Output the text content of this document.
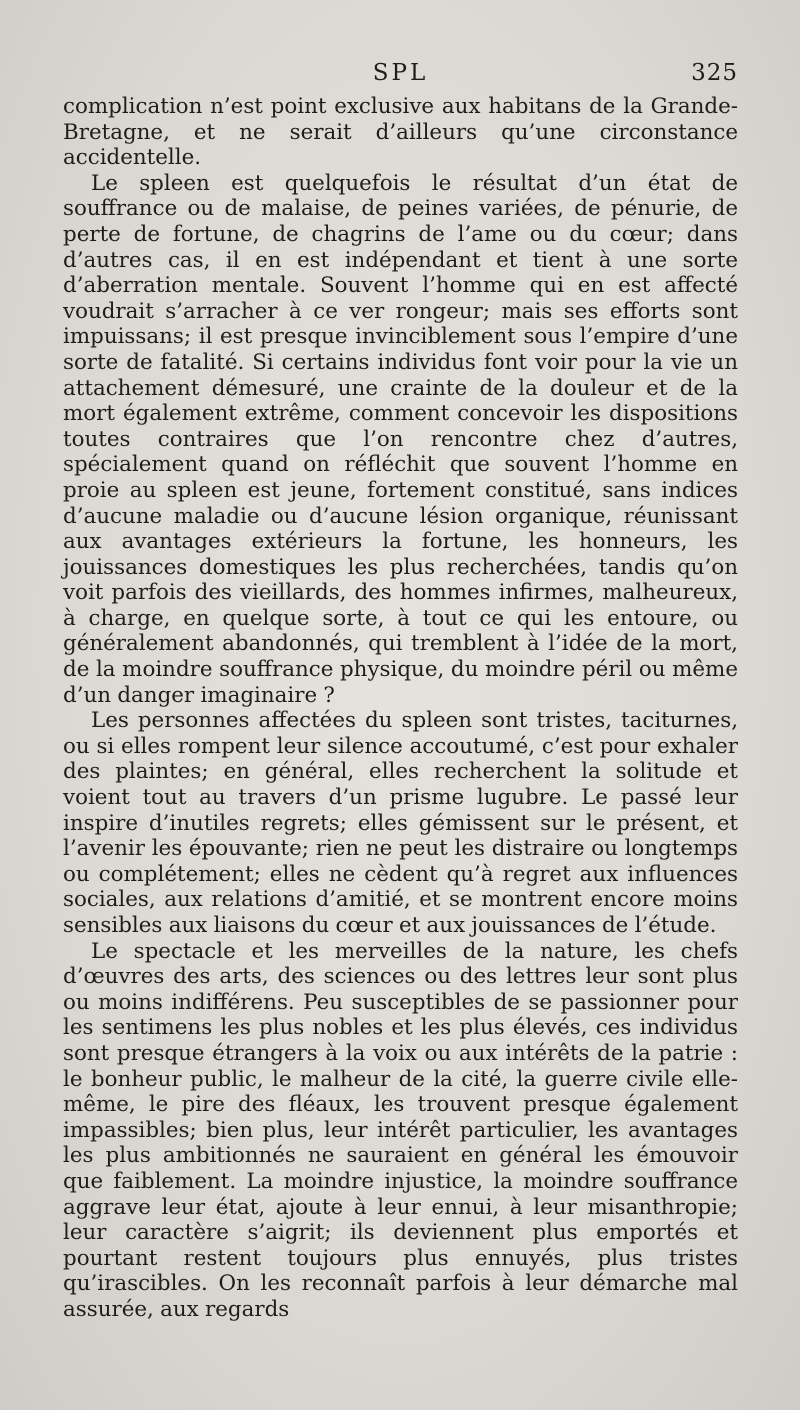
SPL	325

complication n’est point exclusive aux habitans de la Grande-Bretagne, et ne serait d’ailleurs qu’une circonstance accidentelle.

Le spleen est quelquefois le résultat d’un état de souffrance ou de malaise, de peines variées, de pénurie, de perte de fortune, de chagrins de l’ame ou du cœur; dans d’autres cas, il en est indépendant et tient à une sorte d’aberration mentale. Souvent l’homme qui en est affecté voudrait s’arracher à ce ver rongeur; mais ses efforts sont impuissans; il est presque invinciblement sous l’empire d’une sorte de fatalité. Si certains individus font voir pour la vie un attachement démesuré, une crainte de la douleur et de la mort également extrême, comment concevoir les dispositions toutes contraires que l’on rencontre chez d’autres, spécialement quand on réfléchit que souvent l’homme en proie au spleen est jeune, fortement constitué, sans indices d’aucune maladie ou d’aucune lésion organique, réunissant aux avantages extérieurs la fortune, les honneurs, les jouissances domestiques les plus recherchées, tandis qu’on voit parfois des vieillards, des hommes infirmes, malheureux, à charge, en quelque sorte, à tout ce qui les entoure, ou généralement abandonnés, qui tremblent à l’idée de la mort, de la moindre souffrance physique, du moindre péril ou même d’un danger imaginaire ?

Les personnes affectées du spleen sont tristes, taciturnes, ou si elles rompent leur silence accoutumé, c’est pour exhaler des plaintes; en général, elles recherchent la solitude et voient tout au travers d’un prisme lugubre. Le passé leur inspire d’inutiles regrets; elles gémissent sur le présent, et l’avenir les épouvante; rien ne peut les distraire ou longtemps ou complétement; elles ne cèdent qu’à regret aux influences sociales, aux relations d’amitié, et se montrent encore moins sensibles aux liaisons du cœur et aux jouissances de l’étude.

Le spectacle et les merveilles de la nature, les chefs d’œuvres des arts, des sciences ou des lettres leur sont plus ou moins indifférens. Peu susceptibles de se passionner pour les sentimens les plus nobles et les plus élevés, ces individus sont presque étrangers à la voix ou aux intérêts de la patrie : le bonheur public, le malheur de la cité, la guerre civile elle-même, le pire des fléaux, les trouvent presque également impassibles; bien plus, leur intérêt particulier, les avantages les plus ambitionnés ne sauraient en général les émouvoir que faiblement. La moindre injustice, la moindre souffrance aggrave leur état, ajoute à leur ennui, à leur misanthropie; leur caractère s’aigrit; ils deviennent plus emportés et pourtant restent toujours plus ennuyés, plus tristes qu’irascibles. On les reconnaît parfois à leur démarche mal assurée, aux regards
